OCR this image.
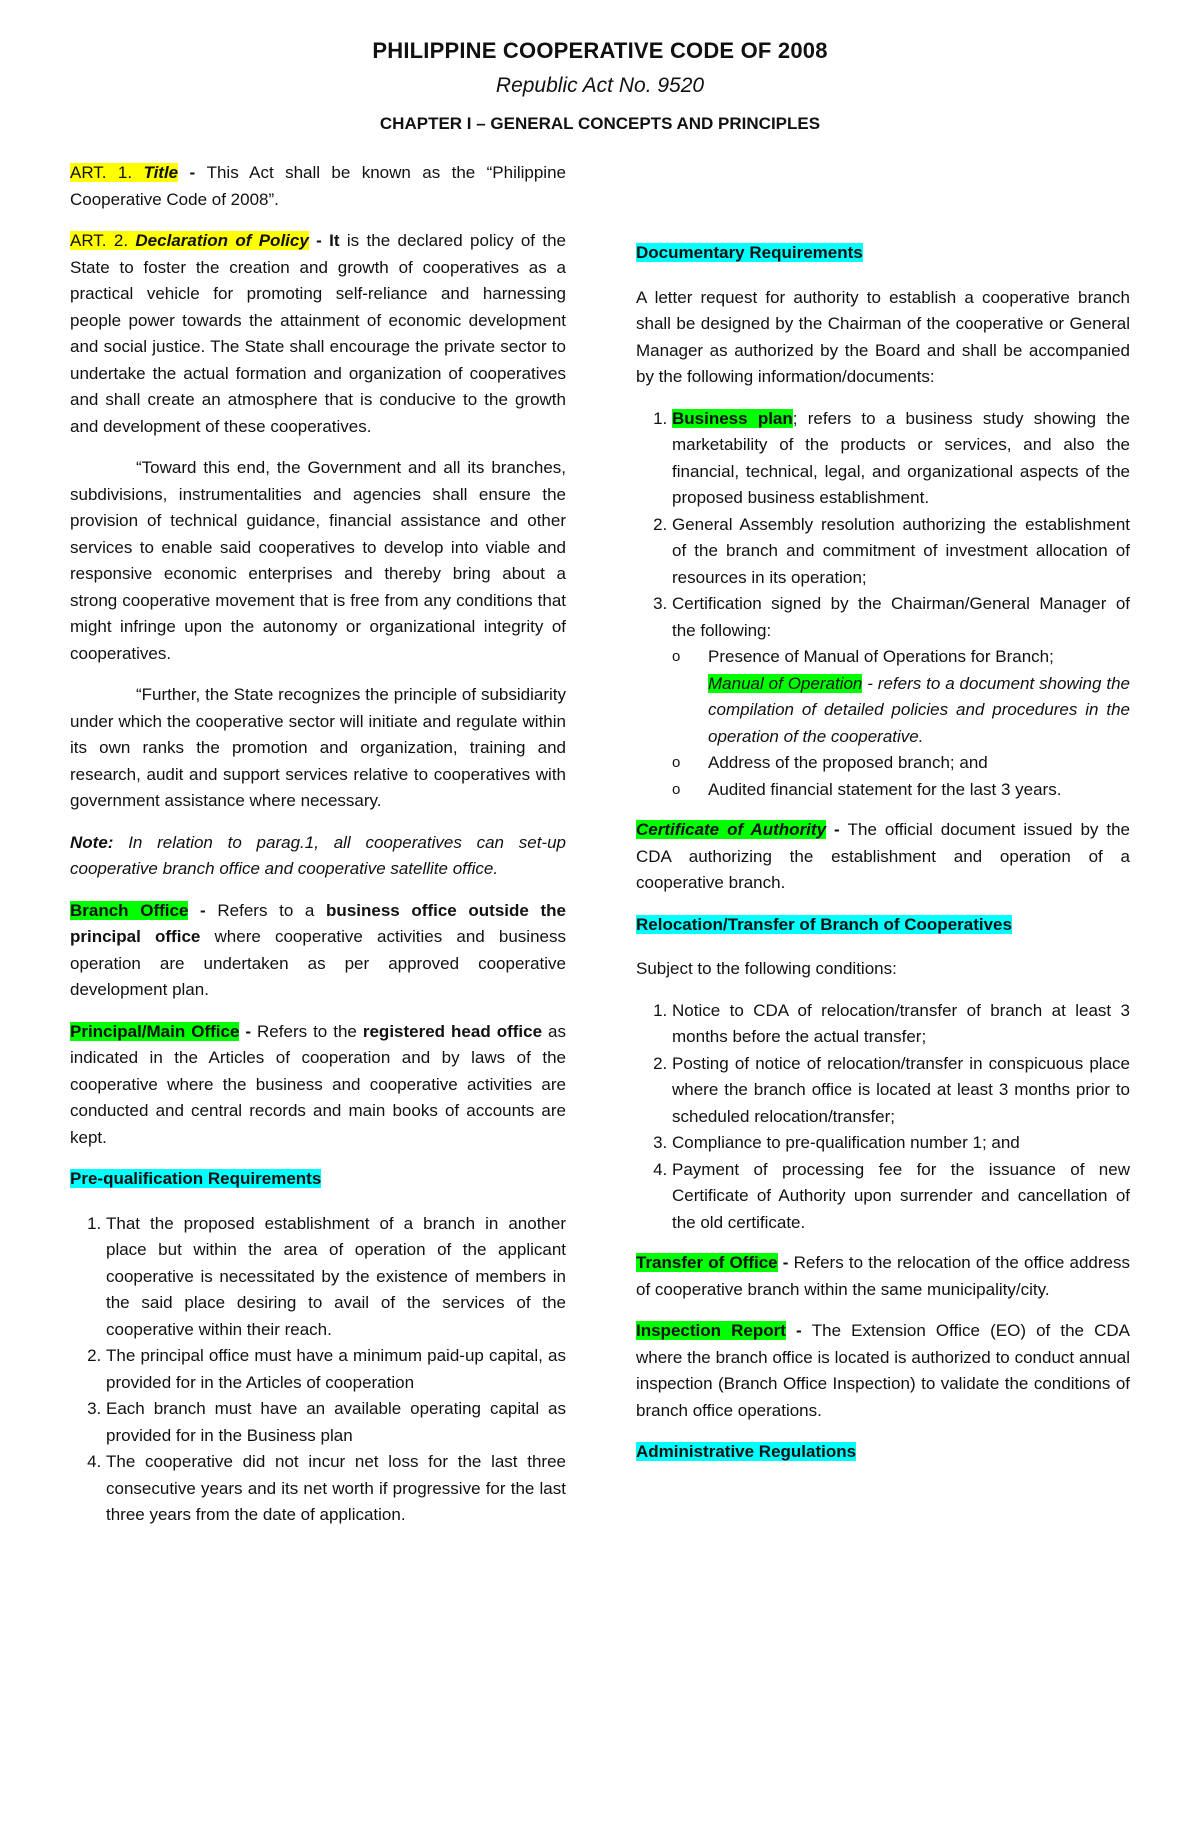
PHILIPPINE COOPERATIVE CODE OF 2008
Republic Act No. 9520
CHAPTER I – GENERAL CONCEPTS AND PRINCIPLES

ART. 1. Title - This Act shall be known as the “Philippine Cooperative Code of 2008”.

ART. 2. Declaration of Policy - It is the declared policy of the State to foster the creation and growth of cooperatives as a practical vehicle for promoting self-reliance and harnessing people power towards the attainment of economic development and social justice. The State shall encourage the private sector to undertake the actual formation and organization of cooperatives and shall create an atmosphere that is conducive to the growth and development of these cooperatives.

“Toward this end, the Government and all its branches, subdivisions, instrumentalities and agencies shall ensure the provision of technical guidance, financial assistance and other services to enable said cooperatives to develop into viable and responsive economic enterprises and thereby bring about a strong cooperative movement that is free from any conditions that might infringe upon the autonomy or organizational integrity of cooperatives.

“Further, the State recognizes the principle of subsidiarity under which the cooperative sector will initiate and regulate within its own ranks the promotion and organization, training and research, audit and support services relative to cooperatives with government assistance where necessary.

Note: In relation to parag.1, all cooperatives can set-up cooperative branch office and cooperative satellite office.

Branch Office - Refers to a business office outside the principal office where cooperative activities and business operation are undertaken as per approved cooperative development plan.

Principal/Main Office - Refers to the registered head office as indicated in the Articles of cooperation and by laws of the cooperative where the business and cooperative activities are conducted and central records and main books of accounts are kept.

Pre-qualification Requirements
1. That the proposed establishment of a branch in another place but within the area of operation of the applicant cooperative is necessitated by the existence of members in the said place desiring to avail of the services of the cooperative within their reach.
2. The principal office must have a minimum paid-up capital, as provided for in the Articles of cooperation
3. Each branch must have an available operating capital as provided for in the Business plan
4. The cooperative did not incur net loss for the last three consecutive years and its net worth if progressive for the last three years from the date of application.
Documentary Requirements

A letter request for authority to establish a cooperative branch shall be designed by the Chairman of the cooperative or General Manager as authorized by the Board and shall be accompanied by the following information/documents:

1. Business plan; refers to a business study showing the marketability of the products or services, and also the financial, technical, legal, and organizational aspects of the proposed business establishment.
2. General Assembly resolution authorizing the establishment of the branch and commitment of investment allocation of resources in its operation;
3. Certification signed by the Chairman/General Manager of the following:
o Presence of Manual of Operations for Branch;
Manual of Operation - refers to a document showing the compilation of detailed policies and procedures in the operation of the cooperative.
o Address of the proposed branch; and
o Audited financial statement for the last 3 years.

Certificate of Authority - The official document issued by the CDA authorizing the establishment and operation of a cooperative branch.

Relocation/Transfer of Branch of Cooperatives

Subject to the following conditions:

1. Notice to CDA of relocation/transfer of branch at least 3 months before the actual transfer;
2. Posting of notice of relocation/transfer in conspicuous place where the branch office is located at least 3 months prior to scheduled relocation/transfer;
3. Compliance to pre-qualification number 1; and
4. Payment of processing fee for the issuance of new Certificate of Authority upon surrender and cancellation of the old certificate.

Transfer of Office - Refers to the relocation of the office address of cooperative branch within the same municipality/city.

Inspection Report - The Extension Office (EO) of the CDA where the branch office is located is authorized to conduct annual inspection (Branch Office Inspection) to validate the conditions of branch office operations.

Administrative Regulations
